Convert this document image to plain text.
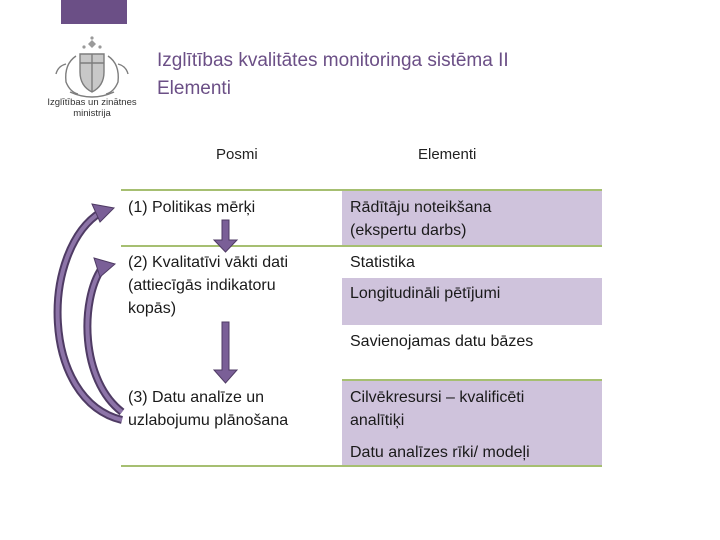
Izglītības un zinātnes
ministrija
Izglītības kvalitātes monitoringa sistēma II
Elementi
Posmi	Elementi
(1) Politikas mērķi
(2) Kvalitatīvi vākti dati
(attiecīgās indikatoru
kopās)
(3) Datu analīze un
uzlabojumu plānošana
Rādītāju noteikšana
(ekspertu darbs)
Statistika
Longitudināli pētījumi
Savienojamas datu bāzes
Cilvēkresursi – kvalificēti
analītiķi
Datu analīzes rīki/ modeļi
